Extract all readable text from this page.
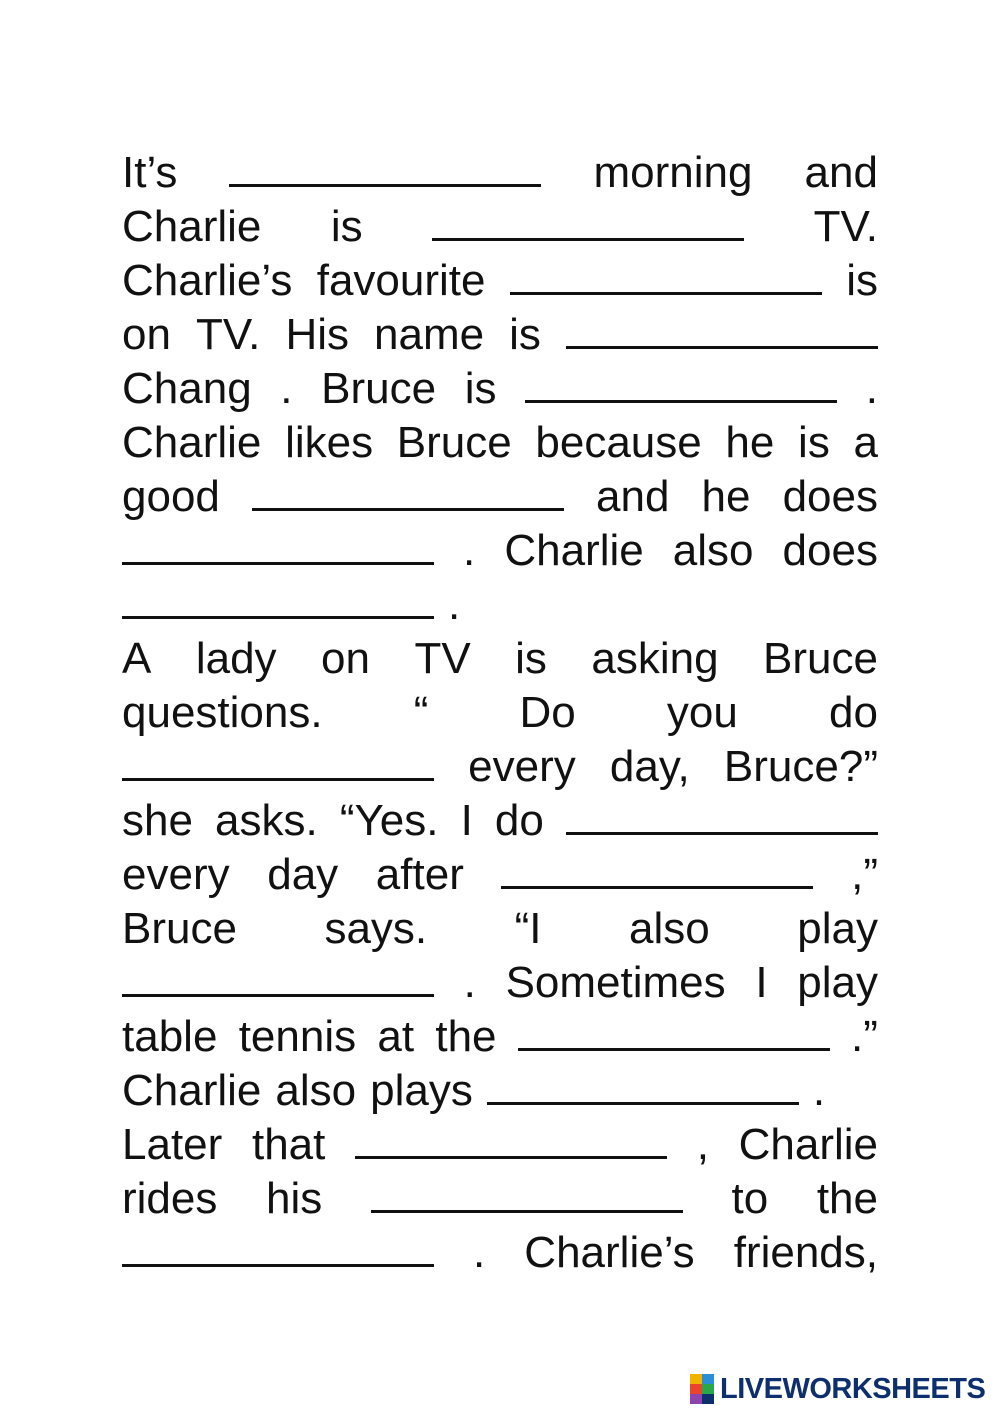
It’s	morning and
Charlie is	TV.
Charlie’s favourite	is
on TV. His name is
Chang . Bruce is	.
Charlie likes Bruce because he is a
good	and he does
. Charlie also does
.
A lady on TV is asking Bruce
questions. “ Do you do
every day, Bruce?”
she asks. “Yes. I do
every day after	,”
Bruce says. “I also play
. Sometimes I play
table tennis at the	.”
Charlie also plays	.
Later that	, Charlie
rides his	to the
. Charlie’s friends,
LIVEWORKSHEETS
